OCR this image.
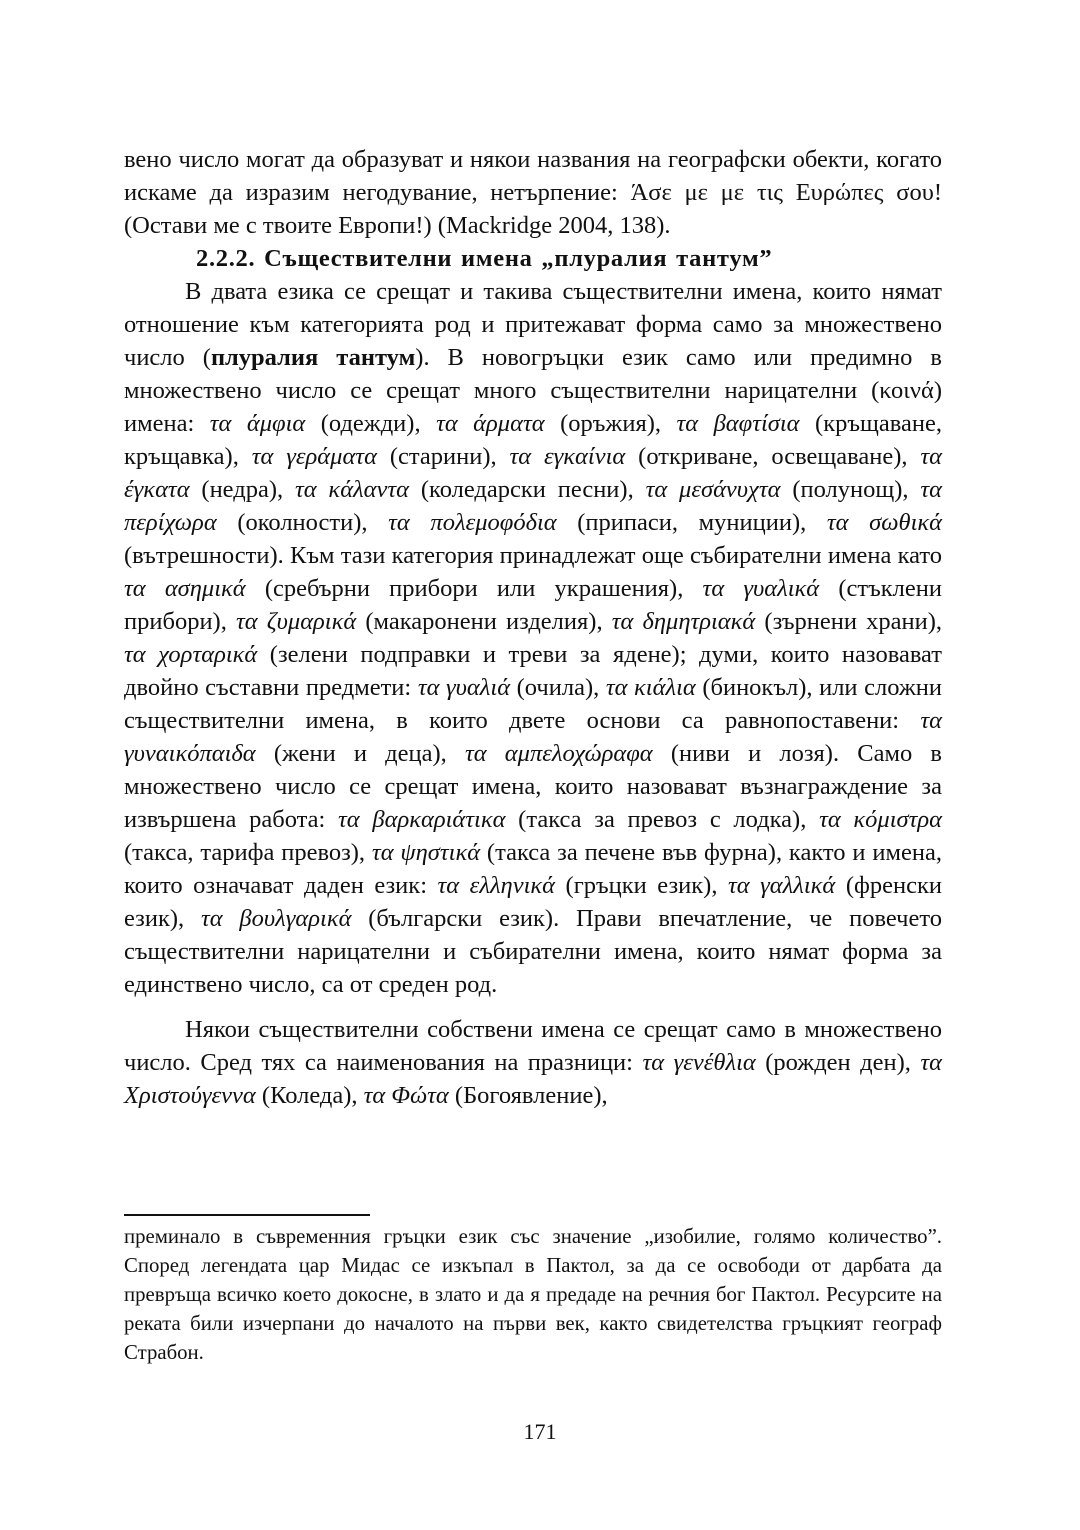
вено число могат да образуват и някои названия на географски обекти, когато искаме да изразим негодувание, нетърпение: Άσε με με τις Ευρώπες σου! (Остави ме с твоите Европи!) (Mackridge 2004, 138).

2.2.2. Съществителни имена „плуралия тантум”

В двата езика се срещат и такива съществителни имена, които нямат отношение към категорията род и притежават форма само за множествено число (плуралия тантум). В новогръцки език само или предимно в множествено число се срещат много съществителни нарицателни (κοινά) имена: τα άμφια (одежди), τα άρματα (оръжия), τα βαφτίσια (кръщаване, кръщавка), τα γεράματα (старини), τα εγκαίνια (откриване, освещаване), τα έγκατα (недра), τα κάλαντα (коледарски песни), τα μεσάνυχτα (полунощ), τα περίχωρα (околности), τα πολεμοφόδια (припаси, муниции), τα σωθικά (вътрешности). Към тази категория принадлежат още събирателни имена като τα ασημικά (сребърни прибори или украшения), τα γυαλικά (стъклени прибори), τα ζυμαρικά (макаронени изделия), τα δημητριακά (зърнени храни), τα χορταρικά (зелени подправки и треви за ядене); думи, които назовават двойно съставни предмети: τα γυαλιά (очила), τα κιάλια (бинокъл), или сложни съществителни имена, в които двете основи са равнопоставени: τα γυναικόπαιδα (жени и деца), τα αμπελοχώραφα (ниви и лозя). Само в множествено число се срещат имена, които назовават възнаграждение за извършена работа: τα βαρκαριάτικα (такса за превоз с лодка), τα κόμιστρα (такса, тарифа превоз), τα ψηστικά (такса за печене във фурна), както и имена, които означават даден език: τα ελληνικά (гръцки език), τα γαλλικά (френски език), τα βουλγαρικά (български език). Прави впечатление, че повечето съществителни нарицателни и събирателни имена, които нямат форма за единствено число, са от среден род.

Някои съществителни собствени имена се срещат само в множествено число. Сред тях са наименования на празници: τα γενέθλια (рожден ден), τα Χριστούγεννα (Коледа), τα Φώτα (Богоявление),

преминало в съвременния гръцки език със значение „изобилие, голямо количество”. Според легендата цар Мидас се изкъпал в Пактол, за да се освободи от дарбата да превръща всичко което докосне, в злато и да я предаде на речния бог Пактол. Ресурсите на реката били изчерпани до началото на първи век, както свидетелства гръцкият географ Страбон.

171
